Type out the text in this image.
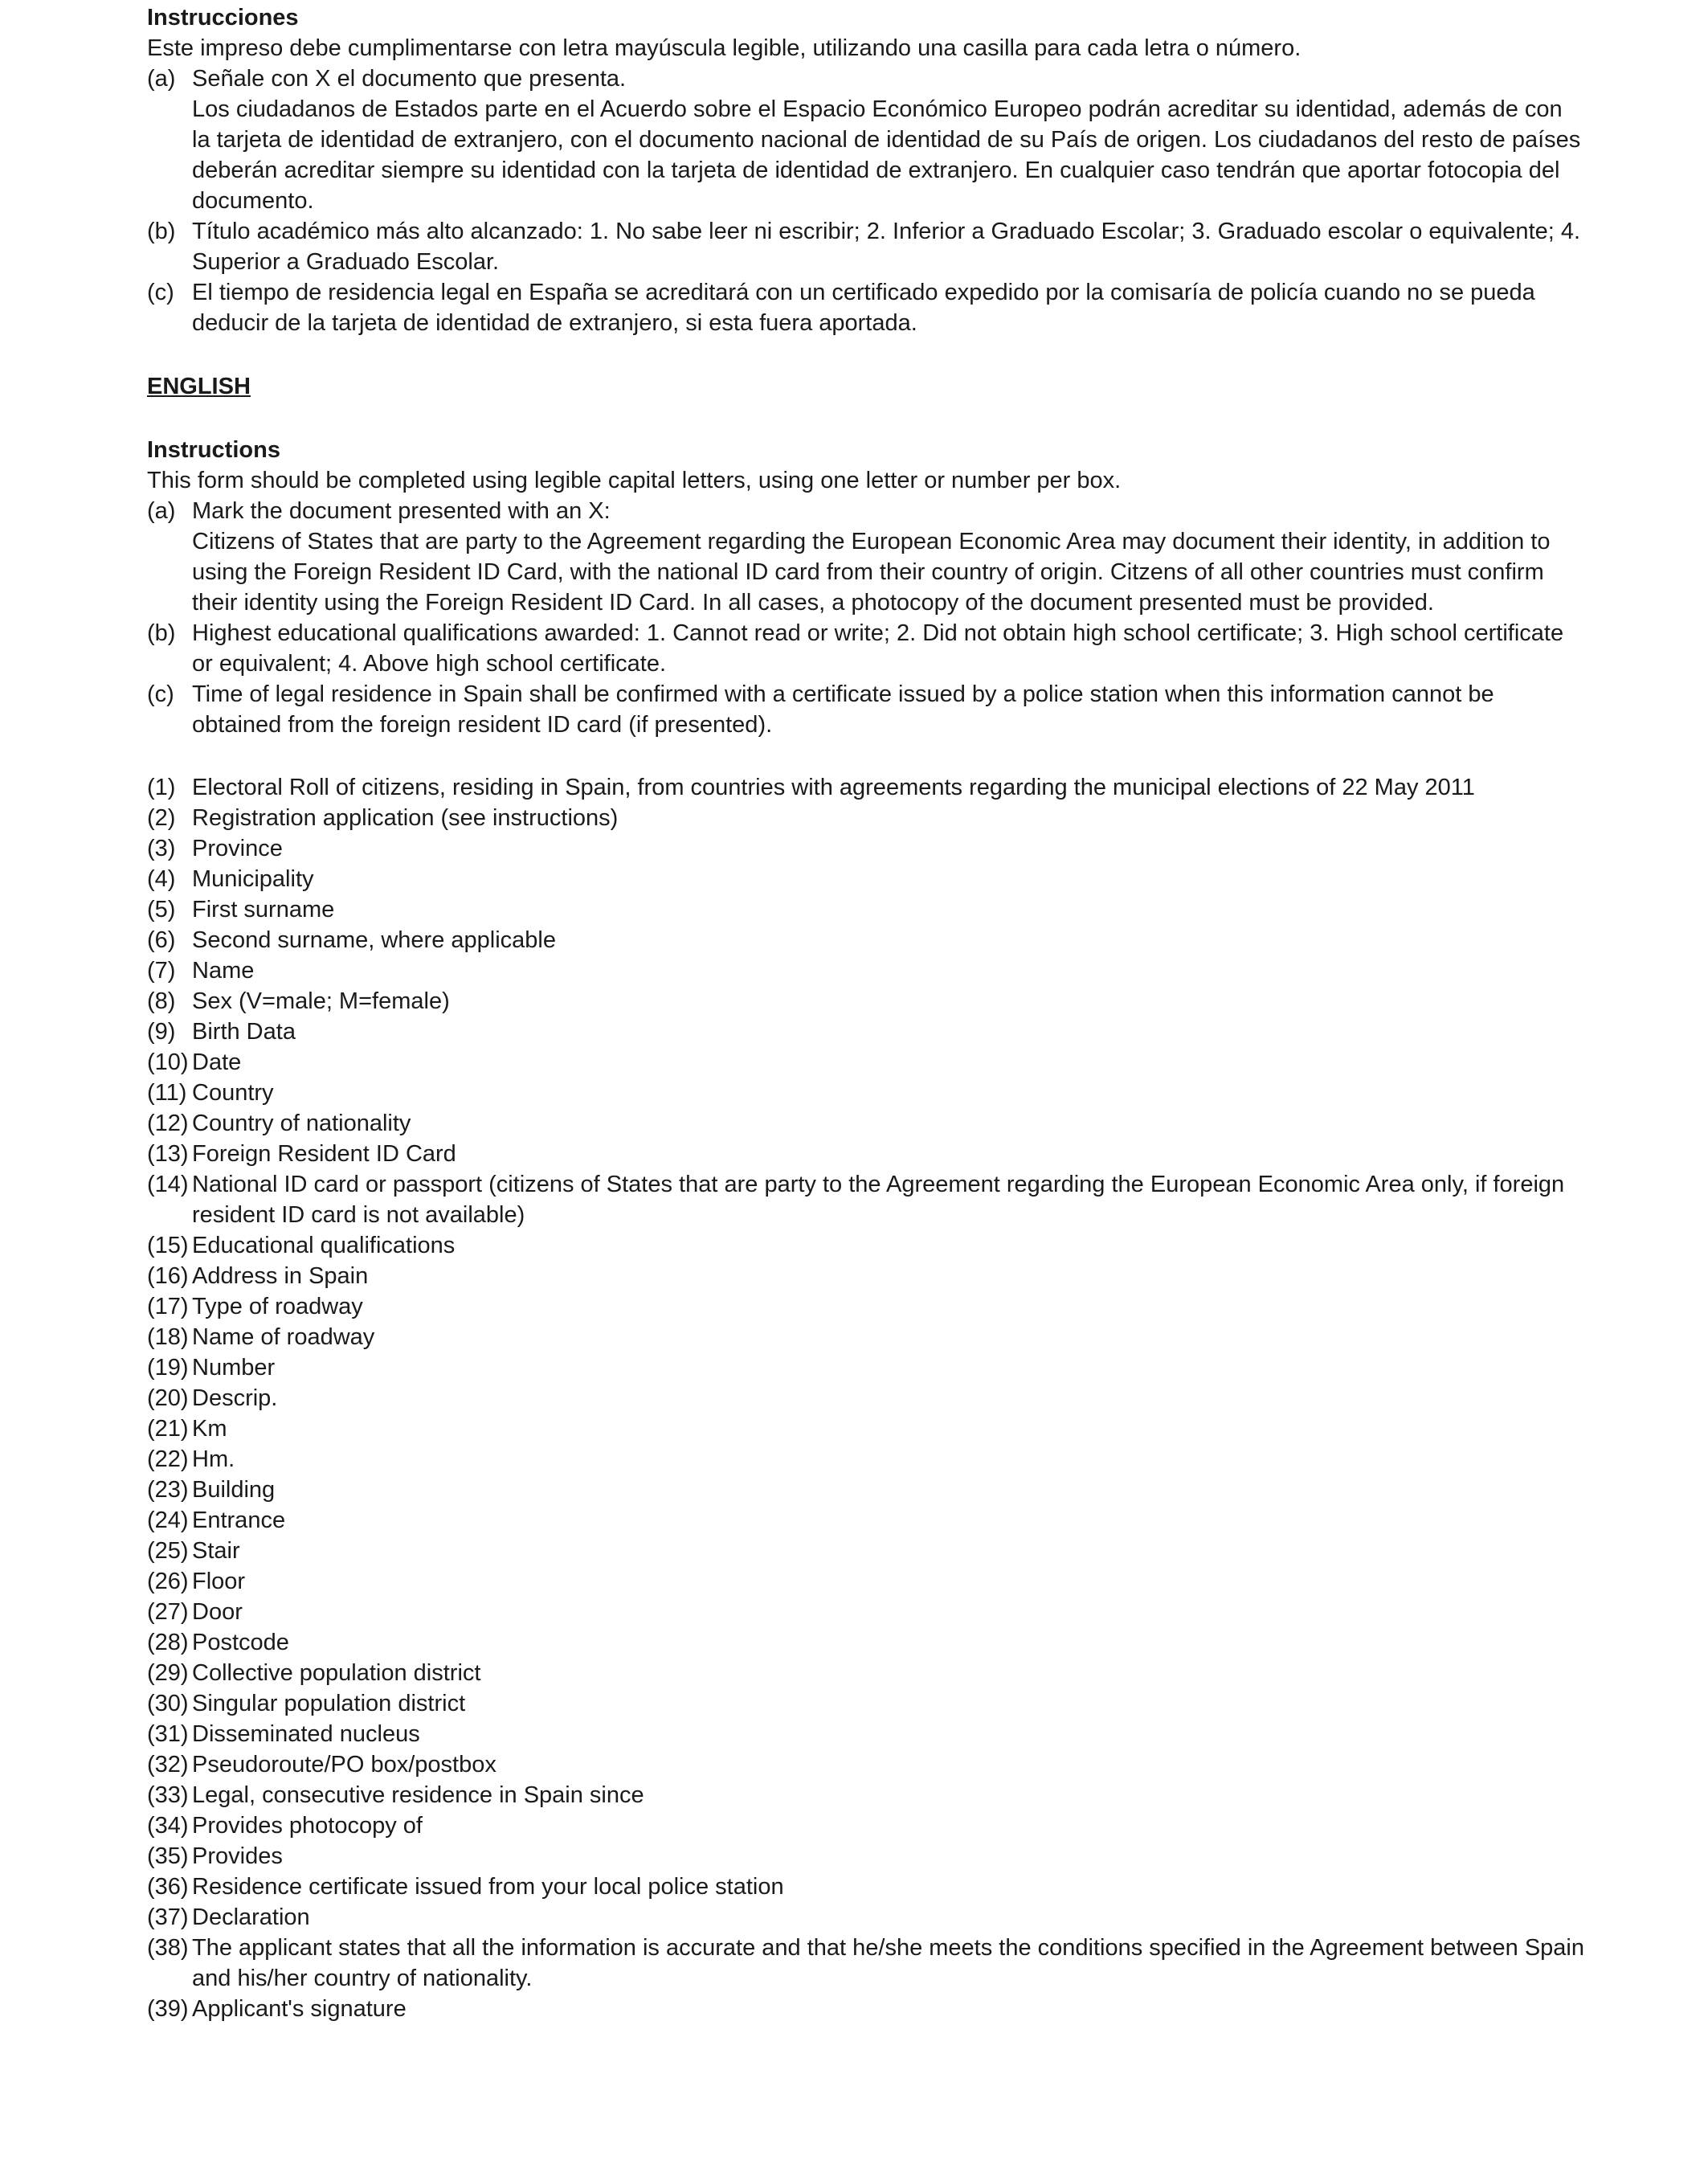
Instrucciones

Este impreso debe cumplimentarse con letra mayúscula legible, utilizando una casilla para cada letra o número.

(a) Señale con X el documento que presenta.

Los ciudadanos de Estados parte en el Acuerdo sobre el Espacio Económico Europeo podrán acreditar su identidad, además de con la tarjeta de identidad de extranjero, con el documento nacional de identidad de su País de origen. Los ciudadanos del resto de países deberán acreditar siempre su identidad con la tarjeta de identidad de extranjero. En cualquier caso tendrán que aportar fotocopia del documento.

(b) Título académico más alto alcanzado: 1. No sabe leer ni escribir; 2. Inferior a Graduado Escolar; 3. Graduado escolar o equivalente; 4. Superior a Graduado Escolar.
(c) El tiempo de residencia legal en España se acreditará con un certificado expedido por la comisaría de policía cuando no se pueda deducir de la tarjeta de identidad de extranjero, si esta fuera aportada.

ENGLISH

Instructions

This form should be completed using legible capital letters, using one letter or number per box.

(a) Mark the document presented with an X:

Citizens of States that are party to the Agreement regarding the European Economic Area may document their identity, in addition to using the Foreign Resident ID Card, with the national ID card from their country of origin. Citzens of all other countries must confirm their identity using the Foreign Resident ID Card. In all cases, a photocopy of the document presented must be provided.

(b) Highest educational qualifications awarded: 1. Cannot read or write; 2. Did not obtain high school certificate; 3. High school certificate or equivalent; 4. Above high school certificate.
(c) Time of legal residence in Spain shall be confirmed with a certificate issued by a police station when this information cannot be obtained from the foreign resident ID card (if presented).
(1) Electoral Roll of citizens, residing in Spain, from countries with agreements regarding the municipal elections of 22 May 2011
(2) Registration application (see instructions)
(3) Province
(4) Municipality
(5) First surname
(6) Second surname, where applicable
(7) Name
(8) Sex (V=male; M=female)
(9) Birth Data
(10) Date
(11) Country
(12) Country of nationality
(13) Foreign Resident ID Card
(14) National ID card or passport (citizens of States that are party to the Agreement regarding the European Economic Area only, if foreign resident ID card is not available)
(15) Educational qualifications
(16) Address in Spain
(17) Type of roadway
(18) Name of roadway
(19) Number
(20) Descrip.
(21) Km
(22) Hm.
(23) Building
(24) Entrance
(25) Stair
(26) Floor
(27) Door
(28) Postcode
(29) Collective population district
(30) Singular population district
(31) Disseminated nucleus
(32) Pseudoroute/PO box/postbox
(33) Legal, consecutive residence in Spain since
(34) Provides photocopy of
(35) Provides
(36) Residence certificate issued from your local police station
(37) Declaration
(38) The applicant states that all the information is accurate and that he/she meets the conditions specified in the Agreement between Spain and his/her country of nationality.
(39) Applicant's signature
